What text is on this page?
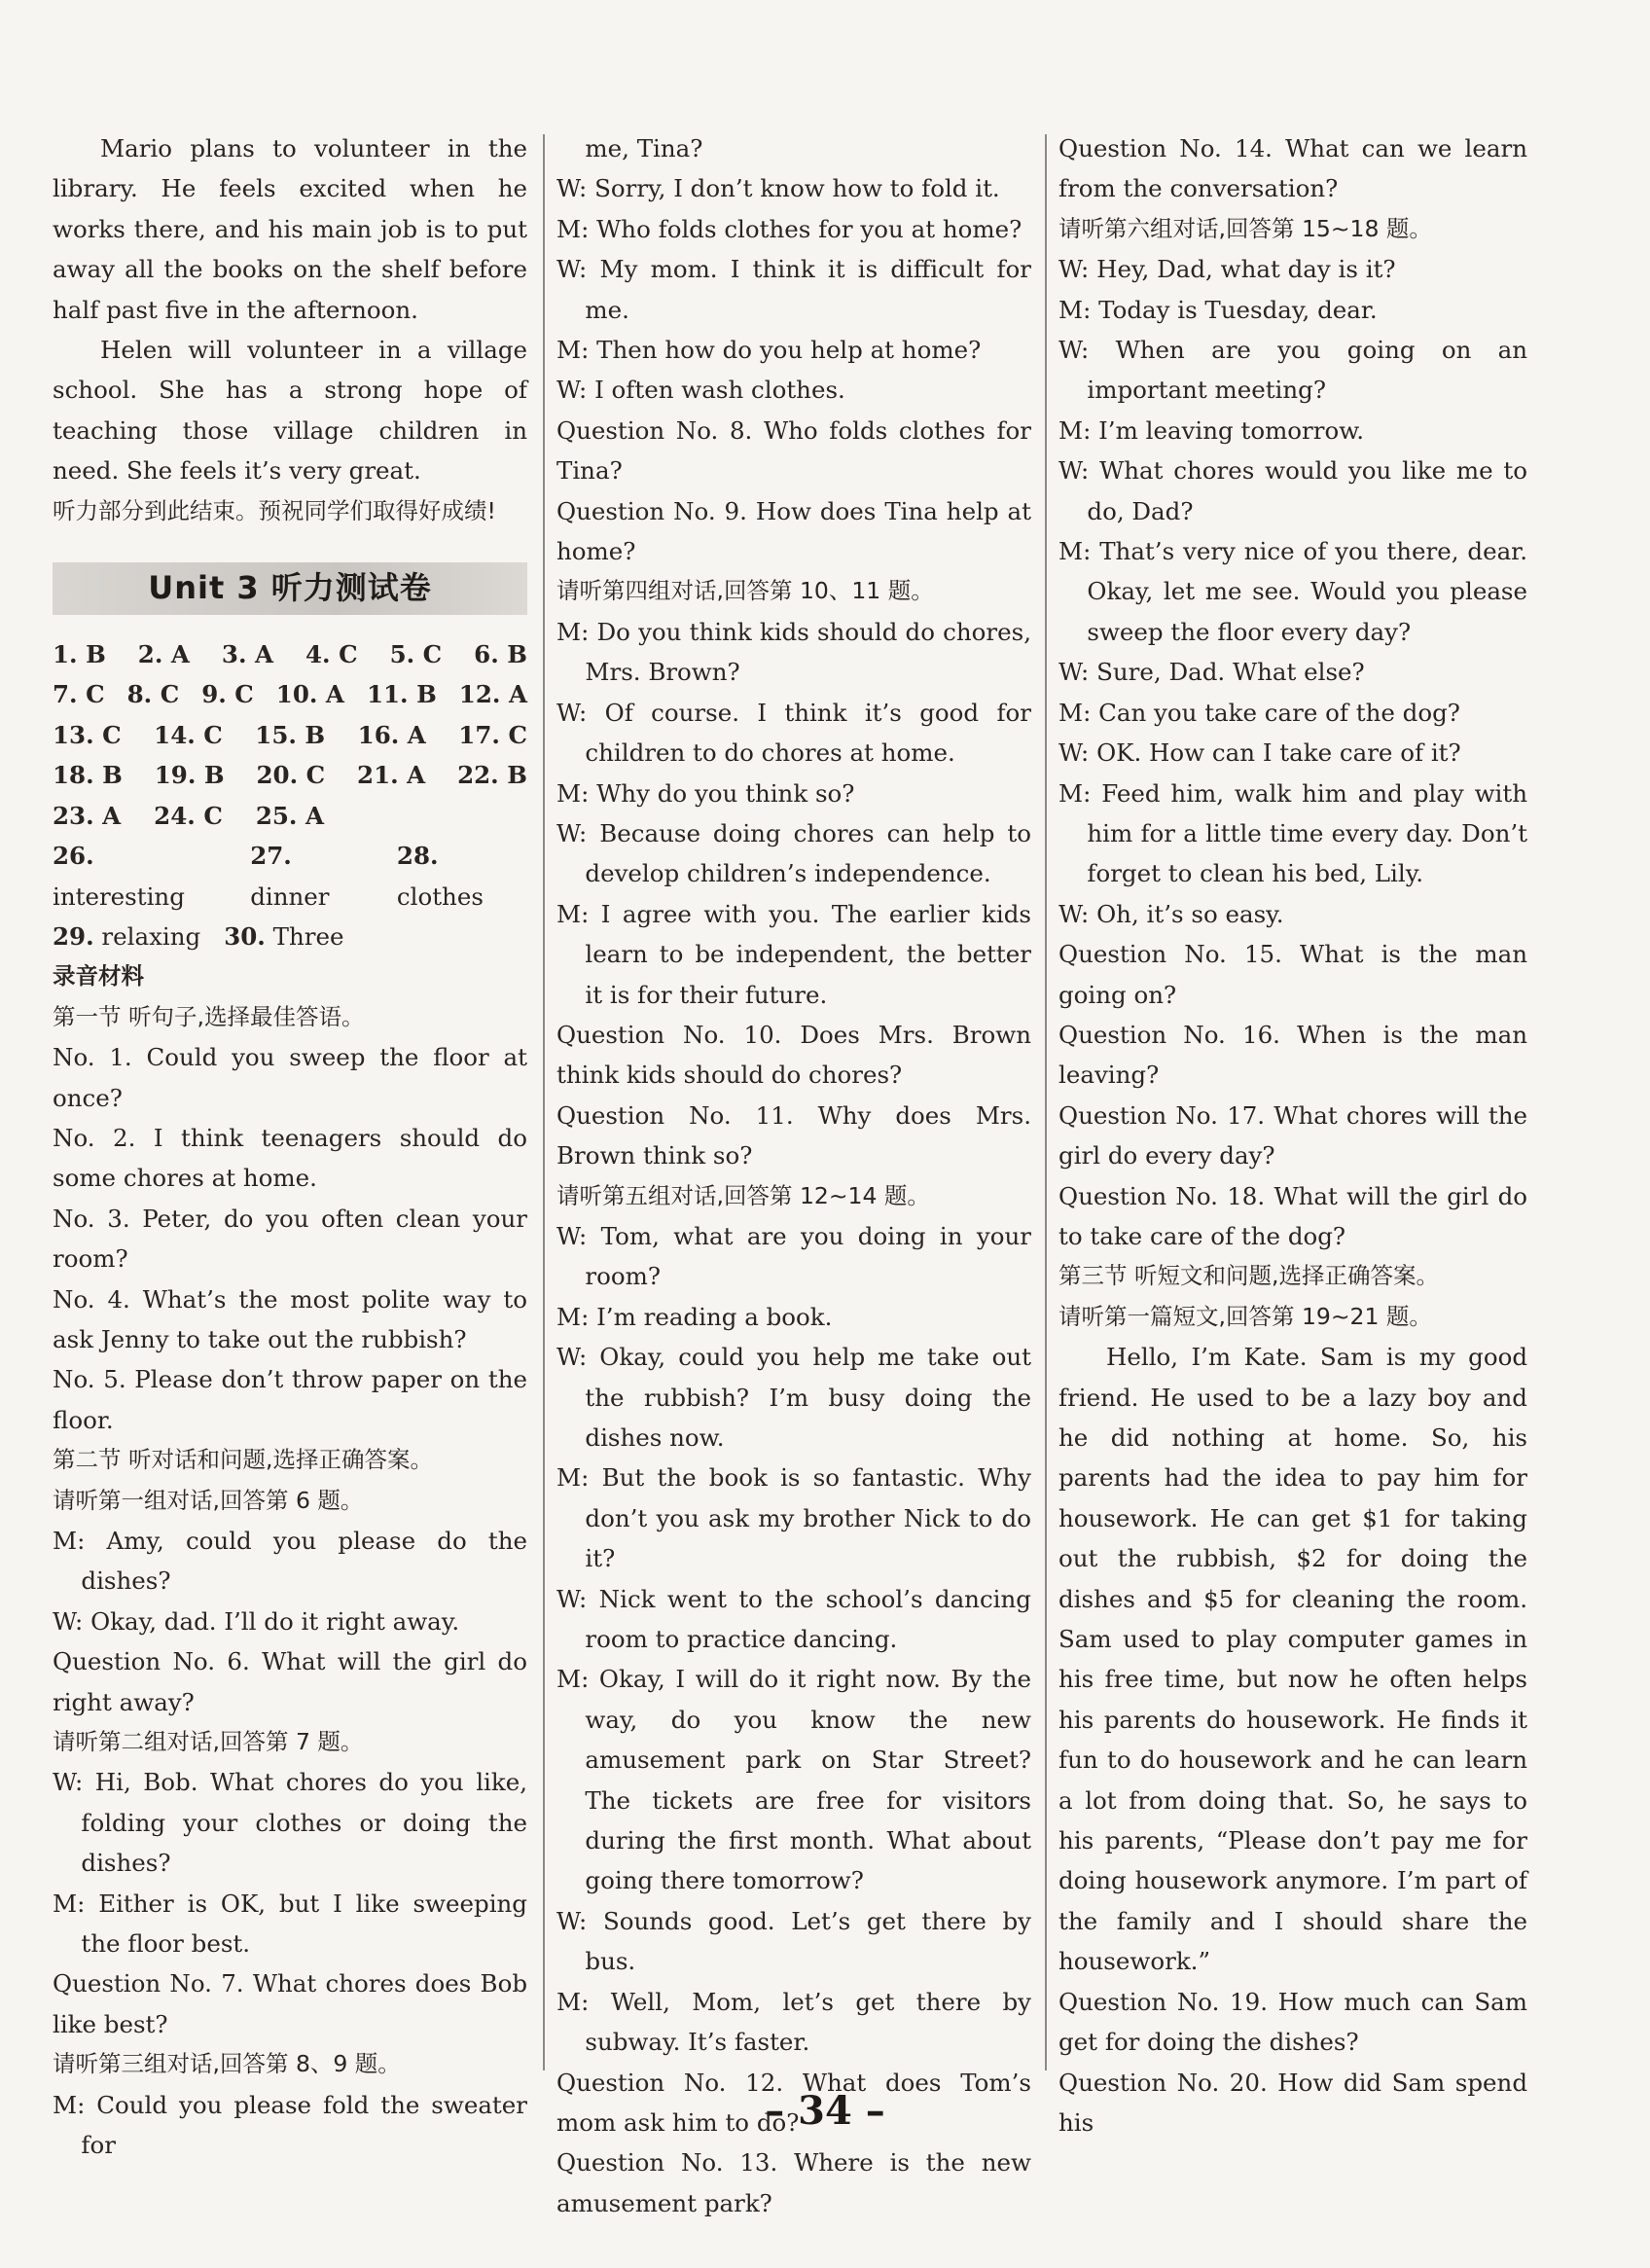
Mario plans to volunteer in the library. He feels excited when he works there, and his main job is to put away all the books on the shelf before half past five in the afternoon.

Helen will volunteer in a village school. She has a strong hope of teaching those village children in need. She feels it’s very great.

听力部分到此结束。预祝同学们取得好成绩!

Unit 3 听力测试卷
1. B 2. A 3. A 4. C 5. C 6. B
7. C 8. C 9. C 10. A 11. B 12. A
13. C 14. C 15. B 16. A 17. C
18. B 19. B 20. C 21. A 22. B
23. A 24. C 25. A
26. interesting
27. dinner
28. clothes
29. relaxing 30. Three

录音材料

第一节 听句子,选择最佳答语。

No. 1. Could you sweep the floor at once?

No. 2. I think teenagers should do some chores at home.

No. 3. Peter, do you often clean your room?

No. 4. What’s the most polite way to ask Jenny to take out the rubbish?

No. 5. Please don’t throw paper on the floor.

第二节 听对话和问题,选择正确答案。

请听第一组对话,回答第 6 题。

M: Amy, could you please do the dishes?

W: Okay, dad. I’ll do it right away.

Question No. 6. What will the girl do right away?

请听第二组对话,回答第 7 题。

W: Hi, Bob. What chores do you like, folding your clothes or doing the dishes?

M: Either is OK, but I like sweeping the floor best.

Question No. 7. What chores does Bob like best?

请听第三组对话,回答第 8、9 题。

M: Could you please fold the sweater for

me, Tina?

W: Sorry, I don’t know how to fold it.

M: Who folds clothes for you at home?

W: My mom. I think it is difficult for me.

M: Then how do you help at home?

W: I often wash clothes.

Question No. 8. Who folds clothes for Tina?

Question No. 9. How does Tina help at home?

请听第四组对话,回答第 10、11 题。

M: Do you think kids should do chores, Mrs. Brown?

W: Of course. I think it’s good for children to do chores at home.

M: Why do you think so?

W: Because doing chores can help to develop children’s independence.

M: I agree with you. The earlier kids learn to be independent, the better it is for their future.

Question No. 10. Does Mrs. Brown think kids should do chores?

Question No. 11. Why does Mrs. Brown think so?

请听第五组对话,回答第 12~14 题。

W: Tom, what are you doing in your room?

M: I’m reading a book.

W: Okay, could you help me take out the rubbish? I’m busy doing the dishes now.

M: But the book is so fantastic. Why don’t you ask my brother Nick to do it?

W: Nick went to the school’s dancing room to practice dancing.

M: Okay, I will do it right now. By the way, do you know the new amusement park on Star Street? The tickets are free for visitors during the first month. What about going there tomorrow?

W: Sounds good. Let’s get there by bus.

M: Well, Mom, let’s get there by subway. It’s faster.

Question No. 12. What does Tom’s mom ask him to do?

Question No. 13. Where is the new amusement park?

Question No. 14. What can we learn from the conversation?

请听第六组对话,回答第 15~18 题。

W: Hey, Dad, what day is it?

M: Today is Tuesday, dear.

W: When are you going on an important meeting?

M: I’m leaving tomorrow.

W: What chores would you like me to do, Dad?

M: That’s very nice of you there, dear. Okay, let me see. Would you please sweep the floor every day?

W: Sure, Dad. What else?

M: Can you take care of the dog?

W: OK. How can I take care of it?

M: Feed him, walk him and play with him for a little time every day. Don’t forget to clean his bed, Lily.

W: Oh, it’s so easy.

Question No. 15. What is the man going on?

Question No. 16. When is the man leaving?

Question No. 17. What chores will the girl do every day?

Question No. 18. What will the girl do to take care of the dog?

第三节 听短文和问题,选择正确答案。

请听第一篇短文,回答第 19~21 题。

Hello, I’m Kate. Sam is my good friend. He used to be a lazy boy and he did nothing at home. So, his parents had the idea to pay him for housework. He can get $1 for taking out the rubbish, $2 for doing the dishes and $5 for cleaning the room. Sam used to play computer games in his free time, but now he often helps his parents do housework. He finds it fun to do housework and he can learn a lot from doing that. So, he says to his parents, “Please don’t pay me for doing housework anymore. I’m part of the family and I should share the housework.”

Question No. 19. How much can Sam get for doing the dishes?

Question No. 20. How did Sam spend his

– 34 –
